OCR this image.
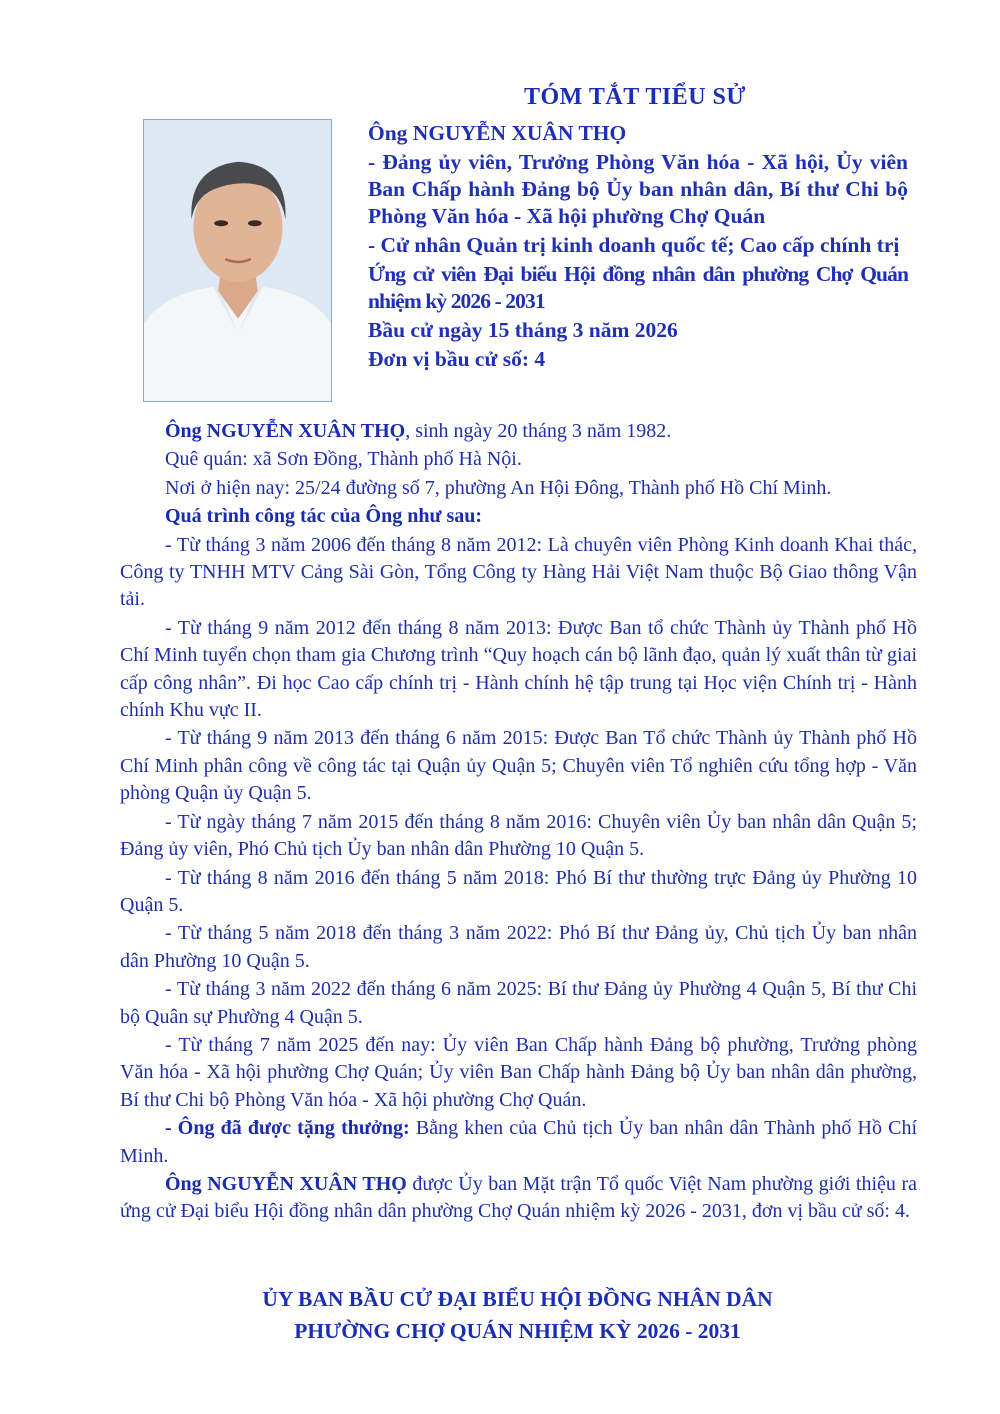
TÓM TẮT TIỂU SỬ
Ông NGUYỄN XUÂN THỌ
- Đảng ủy viên, Trưởng Phòng Văn hóa - Xã hội, Ủy viên Ban Chấp hành Đảng bộ Ủy ban nhân dân, Bí thư Chi bộ Phòng Văn hóa - Xã hội phường Chợ Quán
- Cử nhân Quản trị kinh doanh quốc tế; Cao cấp chính trị
Ứng cử viên Đại biểu Hội đồng nhân dân phường Chợ Quán nhiệm kỳ 2026 - 2031
Bầu cử ngày 15 tháng 3 năm 2026
Đơn vị bầu cử số: 4

Ông NGUYỄN XUÂN THỌ, sinh ngày 20 tháng 3 năm 1982.

Quê quán: xã Sơn Đồng, Thành phố Hà Nội.

Nơi ở hiện nay: 25/24 đường số 7, phường An Hội Đông, Thành phố Hồ Chí Minh.

Quá trình công tác của Ông như sau:

- Từ tháng 3 năm 2006 đến tháng 8 năm 2012: Là chuyên viên Phòng Kinh doanh Khai thác, Công ty TNHH MTV Cảng Sài Gòn, Tổng Công ty Hàng Hải Việt Nam thuộc Bộ Giao thông Vận tải.

- Từ tháng 9 năm 2012 đến tháng 8 năm 2013: Được Ban tổ chức Thành ủy Thành phố Hồ Chí Minh tuyển chọn tham gia Chương trình “Quy hoạch cán bộ lãnh đạo, quản lý xuất thân từ giai cấp công nhân”. Đi học Cao cấp chính trị - Hành chính hệ tập trung tại Học viện Chính trị - Hành chính Khu vực II.

- Từ tháng 9 năm 2013 đến tháng 6 năm 2015: Được Ban Tổ chức Thành ủy Thành phố Hồ Chí Minh phân công về công tác tại Quận ủy Quận 5; Chuyên viên Tổ nghiên cứu tổng hợp - Văn phòng Quận ủy Quận 5.

- Từ ngày tháng 7 năm 2015 đến tháng 8 năm 2016: Chuyên viên Ủy ban nhân dân Quận 5; Đảng ủy viên, Phó Chủ tịch Ủy ban nhân dân Phường 10 Quận 5.

- Từ tháng 8 năm 2016 đến tháng 5 năm 2018: Phó Bí thư thường trực Đảng ủy Phường 10 Quận 5.

- Từ tháng 5 năm 2018 đến tháng 3 năm 2022: Phó Bí thư Đảng ủy, Chủ tịch Ủy ban nhân dân Phường 10 Quận 5.

- Từ tháng 3 năm 2022 đến tháng 6 năm 2025: Bí thư Đảng ủy Phường 4 Quận 5, Bí thư Chi bộ Quân sự Phường 4 Quận 5.

- Từ tháng 7 năm 2025 đến nay: Ủy viên Ban Chấp hành Đảng bộ phường, Trưởng phòng Văn hóa - Xã hội phường Chợ Quán; Ủy viên Ban Chấp hành Đảng bộ Ủy ban nhân dân phường, Bí thư Chi bộ Phòng Văn hóa - Xã hội phường Chợ Quán.

- Ông đã được tặng thưởng: Bằng khen của Chủ tịch Ủy ban nhân dân Thành phố Hồ Chí Minh.

Ông NGUYỄN XUÂN THỌ được Ủy ban Mặt trận Tổ quốc Việt Nam phường giới thiệu ra ứng cử Đại biểu Hội đồng nhân dân phường Chợ Quán nhiệm kỳ 2026 - 2031, đơn vị bầu cử số: 4.

ỦY BAN BẦU CỬ ĐẠI BIỂU HỘI ĐỒNG NHÂN DÂN
PHƯỜNG CHỢ QUÁN NHIỆM KỲ 2026 - 2031
